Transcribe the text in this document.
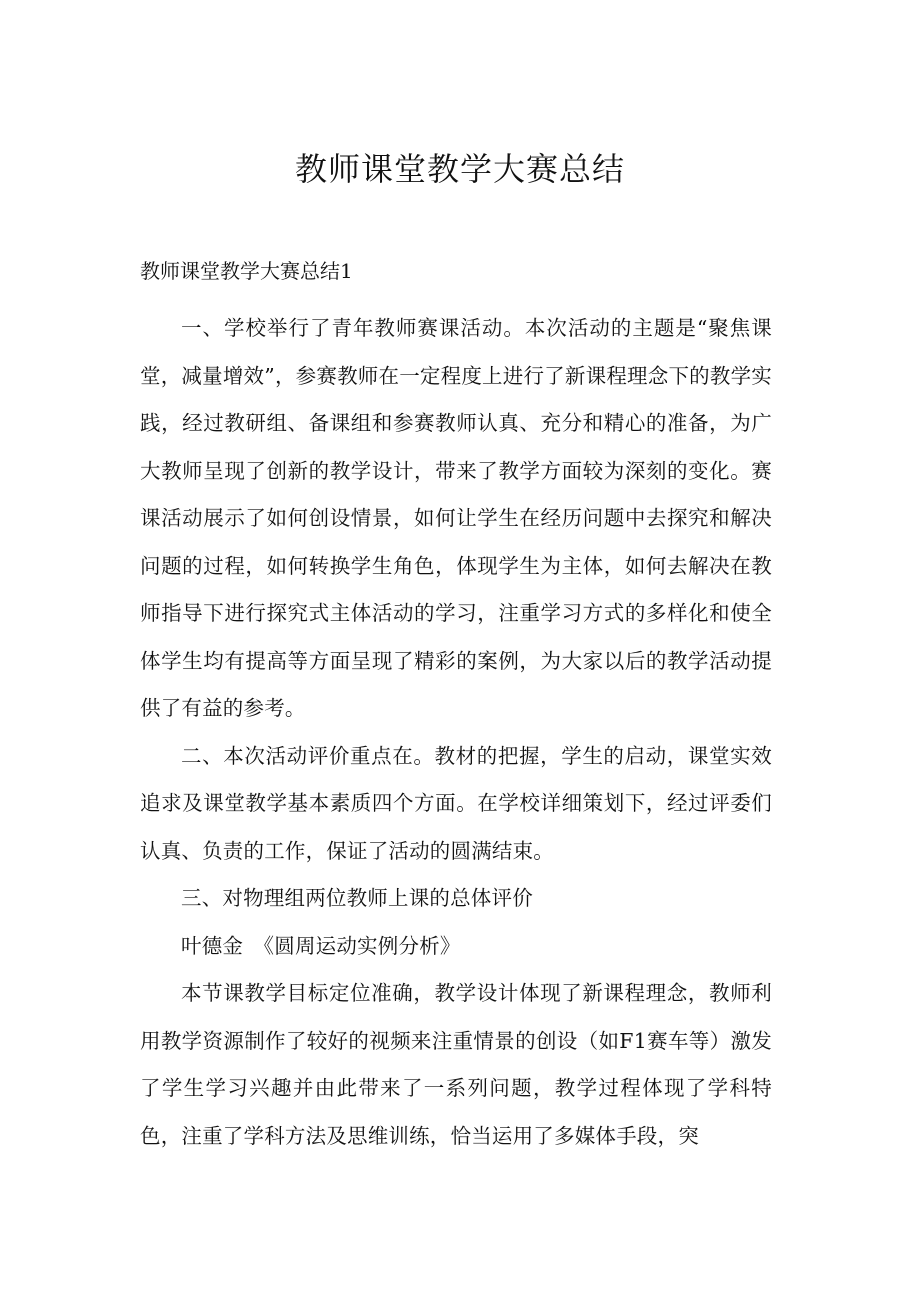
教师课堂教学大赛总结

教师课堂教学大赛总结1

一、学校举行了青年教师赛课活动。本次活动的主题是“聚焦课堂，减量增效”，参赛教师在一定程度上进行了新课程理念下的教学实践，经过教研组、备课组和参赛教师认真、充分和精心的准备，为广大教师呈现了创新的教学设计，带来了教学方面较为深刻的变化。赛课活动展示了如何创设情景，如何让学生在经历问题中去探究和解决问题的过程，如何转换学生角色，体现学生为主体，如何去解决在教师指导下进行探究式主体活动的学习，注重学习方式的多样化和使全体学生均有提高等方面呈现了精彩的案例，为大家以后的教学活动提供了有益的参考。

二、本次活动评价重点在。教材的把握，学生的启动，课堂实效追求及课堂教学基本素质四个方面。在学校详细策划下，经过评委们认真、负责的工作，保证了活动的圆满结束。

三、对物理组两位教师上课的总体评价

叶德金　《圆周运动实例分析》

本节课教学目标定位准确，教学设计体现了新课程理念，教师利用教学资源制作了较好的视频来注重情景的创设（如F1赛车等）激发了学生学习兴趣并由此带来了一系列问题，教学过程体现了学科特色，注重了学科方法及思维训练，恰当运用了多媒体手段，突
